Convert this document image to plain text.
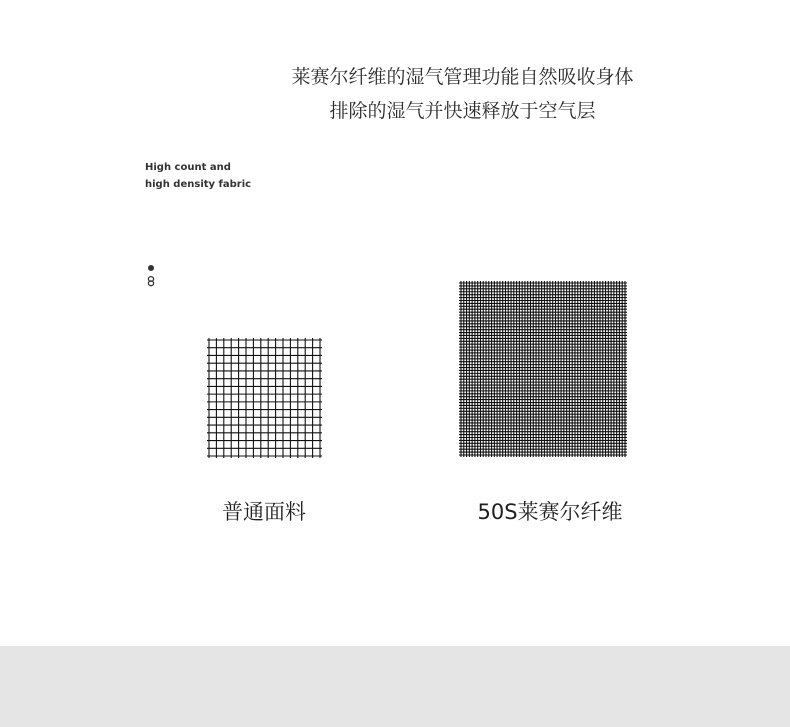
莱赛尔纤维的湿气管理功能自然吸收身体
排除的湿气并快速释放于空气层
High count and
high density fabric
普通面料	50S莱赛尔纤维
